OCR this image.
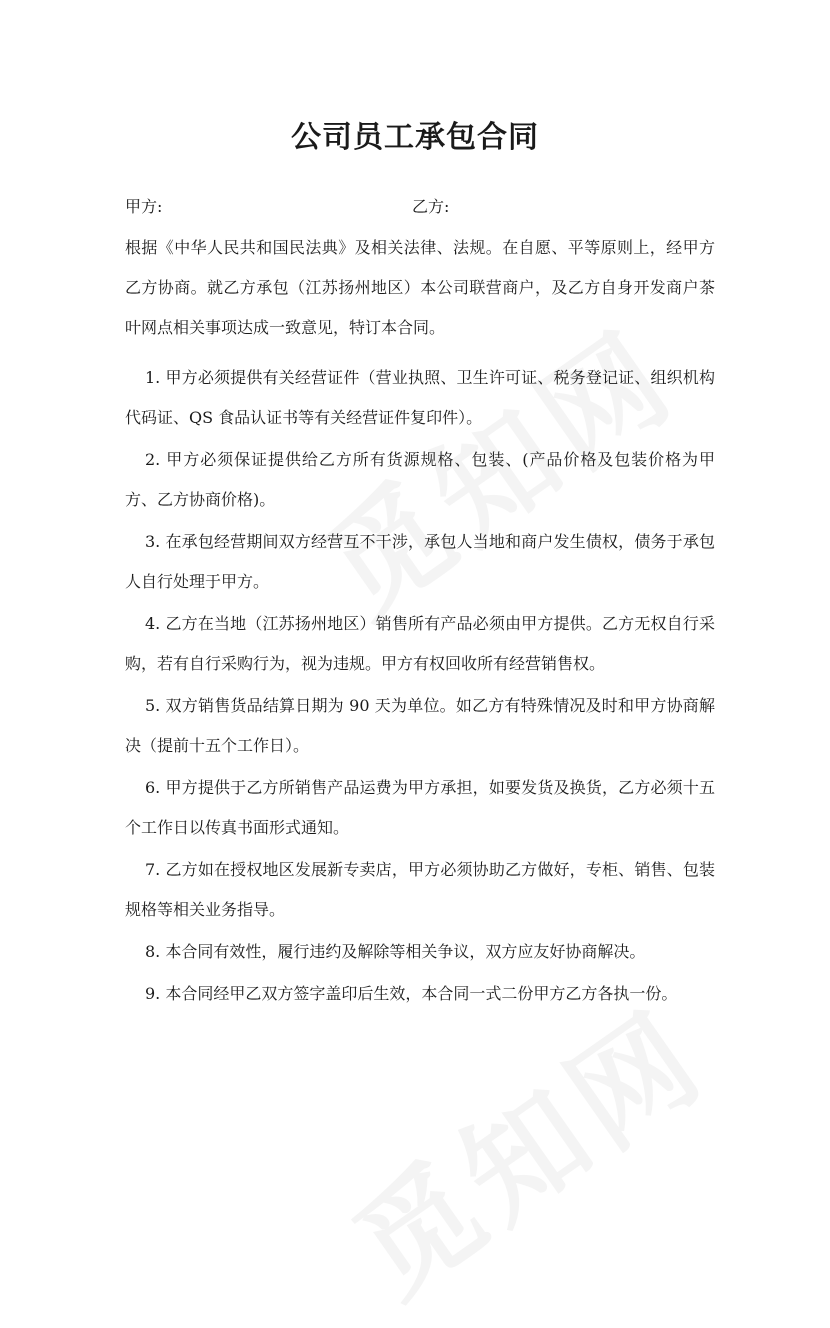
公司员工承包合同
甲方:	乙方:

根据《中华人民共和国民法典》及相关法律、法规。在自愿、平等原则上，经甲方乙方协商。就乙方承包（江苏扬州地区）本公司联营商户，及乙方自身开发商户茶叶网点相关事项达成一致意见，特订本合同。

1. 甲方必须提供有关经营证件（营业执照、卫生许可证、税务登记证、组织机构代码证、QS 食品认证书等有关经营证件复印件）。
2. 甲方必须保证提供给乙方所有货源规格、包装、(产品价格及包装价格为甲方、乙方协商价格)。
3. 在承包经营期间双方经营互不干涉，承包人当地和商户发生债权，债务于承包人自行处理于甲方。
4. 乙方在当地（江苏扬州地区）销售所有产品必须由甲方提供。乙方无权自行采购，若有自行采购行为，视为违规。甲方有权回收所有经营销售权。
5. 双方销售货品结算日期为 90 天为单位。如乙方有特殊情况及时和甲方协商解决（提前十五个工作日）。
6. 甲方提供于乙方所销售产品运费为甲方承担，如要发货及换货，乙方必须十五个工作日以传真书面形式通知。
7. 乙方如在授权地区发展新专卖店，甲方必须协助乙方做好，专柜、销售、包装规格等相关业务指导。
8. 本合同有效性，履行违约及解除等相关争议，双方应友好协商解决。
9. 本合同经甲乙双方签字盖印后生效，本合同一式二份甲方乙方各执一份。
